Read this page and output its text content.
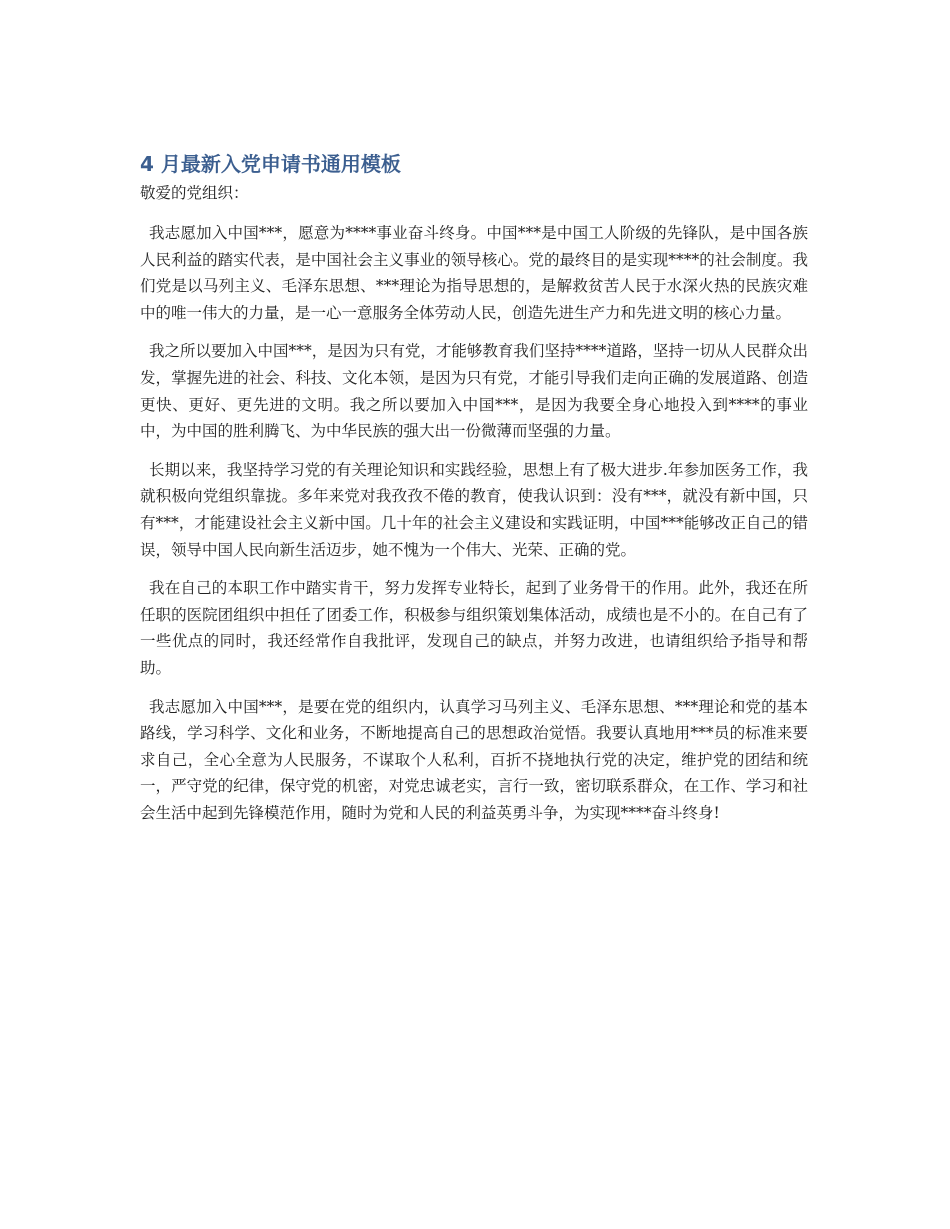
4 月最新入党申请书通用模板

敬爱的党组织：

我志愿加入中国***，愿意为****事业奋斗终身。中国***是中国工人阶级的先锋队，是中国各族人民利益的踏实代表，是中国社会主义事业的领导核心。党的最终目的是实现****的社会制度。我们党是以马列主义、毛泽东思想、***理论为指导思想的，是解救贫苦人民于水深火热的民族灾难中的唯一伟大的力量，是一心一意服务全体劳动人民，创造先进生产力和先进文明的核心力量。

我之所以要加入中国***，是因为只有党，才能够教育我们坚持****道路，坚持一切从人民群众出发，掌握先进的社会、科技、文化本领，是因为只有党，才能引导我们走向正确的发展道路、创造更快、更好、更先进的文明。我之所以要加入中国***，是因为我要全身心地投入到****的事业中，为中国的胜利腾飞、为中华民族的强大出一份微薄而坚强的力量。

长期以来，我坚持学习党的有关理论知识和实践经验，思想上有了极大进步.年参加医务工作，我就积极向党组织靠拢。多年来党对我孜孜不倦的教育，使我认识到：没有***，就没有新中国，只有***，才能建设社会主义新中国。几十年的社会主义建设和实践证明，中国***能够改正自己的错误，领导中国人民向新生活迈步，她不愧为一个伟大、光荣、正确的党。

我在自己的本职工作中踏实肯干，努力发挥专业特长，起到了业务骨干的作用。此外，我还在所任职的医院团组织中担任了团委工作，积极参与组织策划集体活动，成绩也是不小的。在自己有了一些优点的同时，我还经常作自我批评，发现自己的缺点，并努力改进，也请组织给予指导和帮助。

我志愿加入中国***，是要在党的组织内，认真学习马列主义、毛泽东思想、***理论和党的基本路线，学习科学、文化和业务，不断地提高自己的思想政治觉悟。我要认真地用***员的标准来要求自己，全心全意为人民服务，不谋取个人私利，百折不挠地执行党的决定，维护党的团结和统一，严守党的纪律，保守党的机密，对党忠诚老实，言行一致，密切联系群众，在工作、学习和社会生活中起到先锋模范作用，随时为党和人民的利益英勇斗争，为实现****奋斗终身!
